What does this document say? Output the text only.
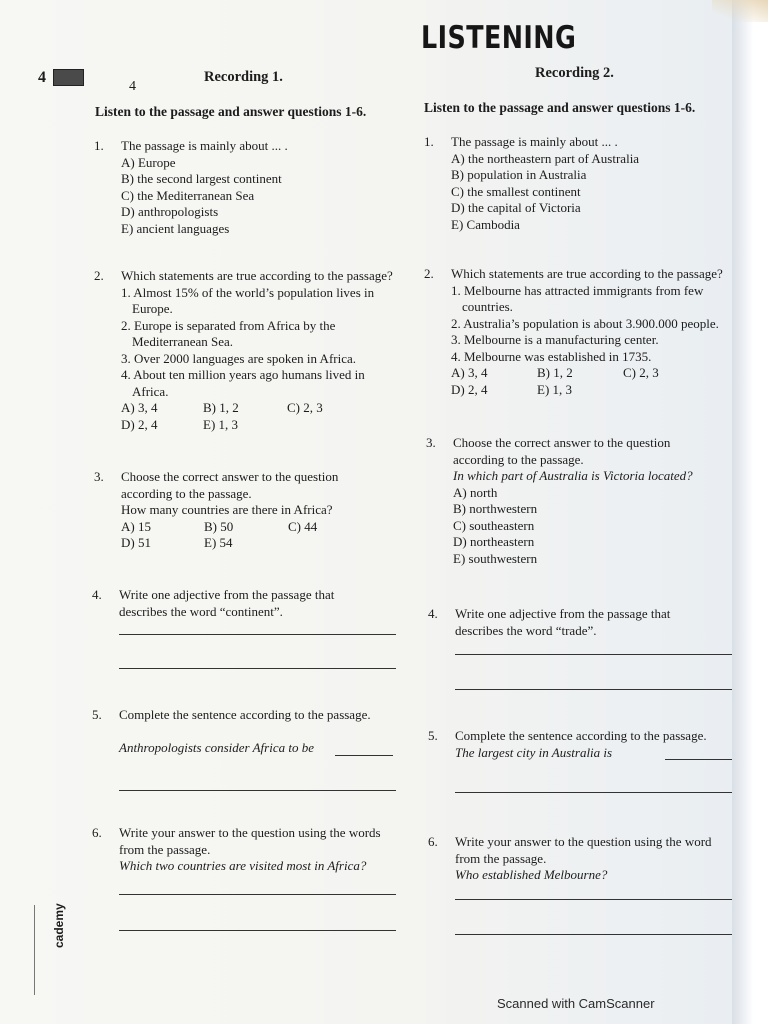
LISTENING
4
4
Recording 1.
Listen to the passage and answer questions 1-6.
1. The passage is mainly about ... .
A) Europe
B) the second largest continent
C) the Mediterranean Sea
D) anthropologists
E) ancient languages
2. Which statements are true according to the passage?
1. Almost 15% of the world’s population lives in
Europe.
2. Europe is separated from Africa by the
Mediterranean Sea.
3. Over 2000 languages are spoken in Africa.
4. About ten million years ago humans lived in
Africa.
A) 3, 4	B) 1, 2	C) 2, 3
D) 2, 4	E) 1, 3
3. Choose the correct answer to the question
according to the passage.
How many countries are there in Africa?
A) 15	B) 50	C) 44
D) 51	E) 54
4. Write one adjective from the passage that
describes the word “continent”.
5. Complete the sentence according to the passage.
Anthropologists consider Africa to be
6. Write your answer to the question using the words
from the passage.
Which two countries are visited most in Africa?
Recording 2.
Listen to the passage and answer questions 1-6.
1. The passage is mainly about ... .
A) the northeastern part of Australia
B) population in Australia
C) the smallest continent
D) the capital of Victoria
E) Cambodia
2. Which statements are true according to the passage?
1. Melbourne has attracted immigrants from few
countries.
2. Australia’s population is about 3.900.000 people.
3. Melbourne is a manufacturing center.
4. Melbourne was established in 1735.
A) 3, 4	B) 1, 2	C) 2, 3
D) 2, 4	E) 1, 3
3. Choose the correct answer to the question
according to the passage.
In which part of Australia is Victoria located?
A) north
B) northwestern
C) southeastern
D) northeastern
E) southwestern
4. Write one adjective from the passage that
describes the word “trade”.
5. Complete the sentence according to the passage.
The largest city in Australia is
6. Write your answer to the question using the word
from the passage.
Who established Melbourne?
cademy
Scanned with CamScanner
